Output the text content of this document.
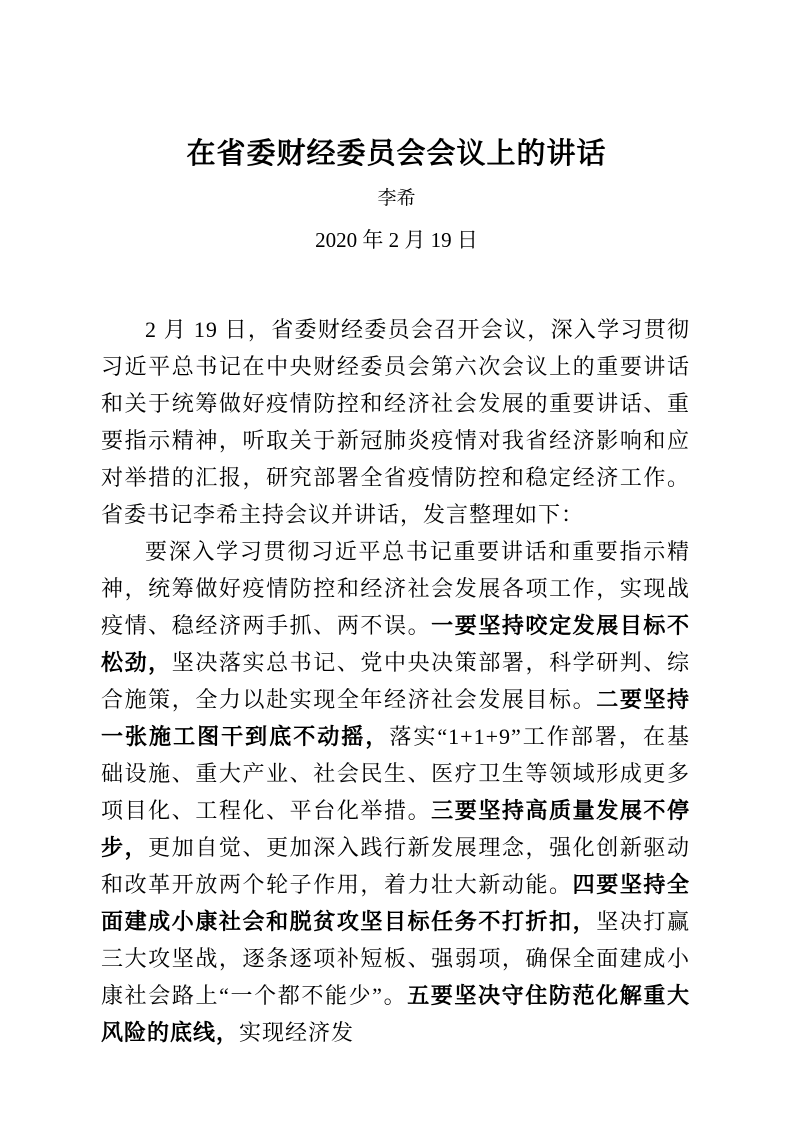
在省委财经委员会会议上的讲话
李希
2020 年 2 月 19 日

2 月 19 日，省委财经委员会召开会议，深入学习贯彻习近平总书记在中央财经委员会第六次会议上的重要讲话和关于统筹做好疫情防控和经济社会发展的重要讲话、重要指示精神，听取关于新冠肺炎疫情对我省经济影响和应对举措的汇报，研究部署全省疫情防控和稳定经济工作。省委书记李希主持会议并讲话，发言整理如下：

要深入学习贯彻习近平总书记重要讲话和重要指示精神，统筹做好疫情防控和经济社会发展各项工作，实现战疫情、稳经济两手抓、两不误。一要坚持咬定发展目标不松劲，坚决落实总书记、党中央决策部署，科学研判、综合施策，全力以赴实现全年经济社会发展目标。二要坚持一张施工图干到底不动摇，落实“1+1+9”工作部署，在基础设施、重大产业、社会民生、医疗卫生等领域形成更多项目化、工程化、平台化举措。三要坚持高质量发展不停步，更加自觉、更加深入践行新发展理念，强化创新驱动和改革开放两个轮子作用，着力壮大新动能。四要坚持全面建成小康社会和脱贫攻坚目标任务不打折扣，坚决打赢三大攻坚战，逐条逐项补短板、强弱项，确保全面建成小康社会路上“一个都不能少”。五要坚决守住防范化解重大风险的底线，实现经济发
